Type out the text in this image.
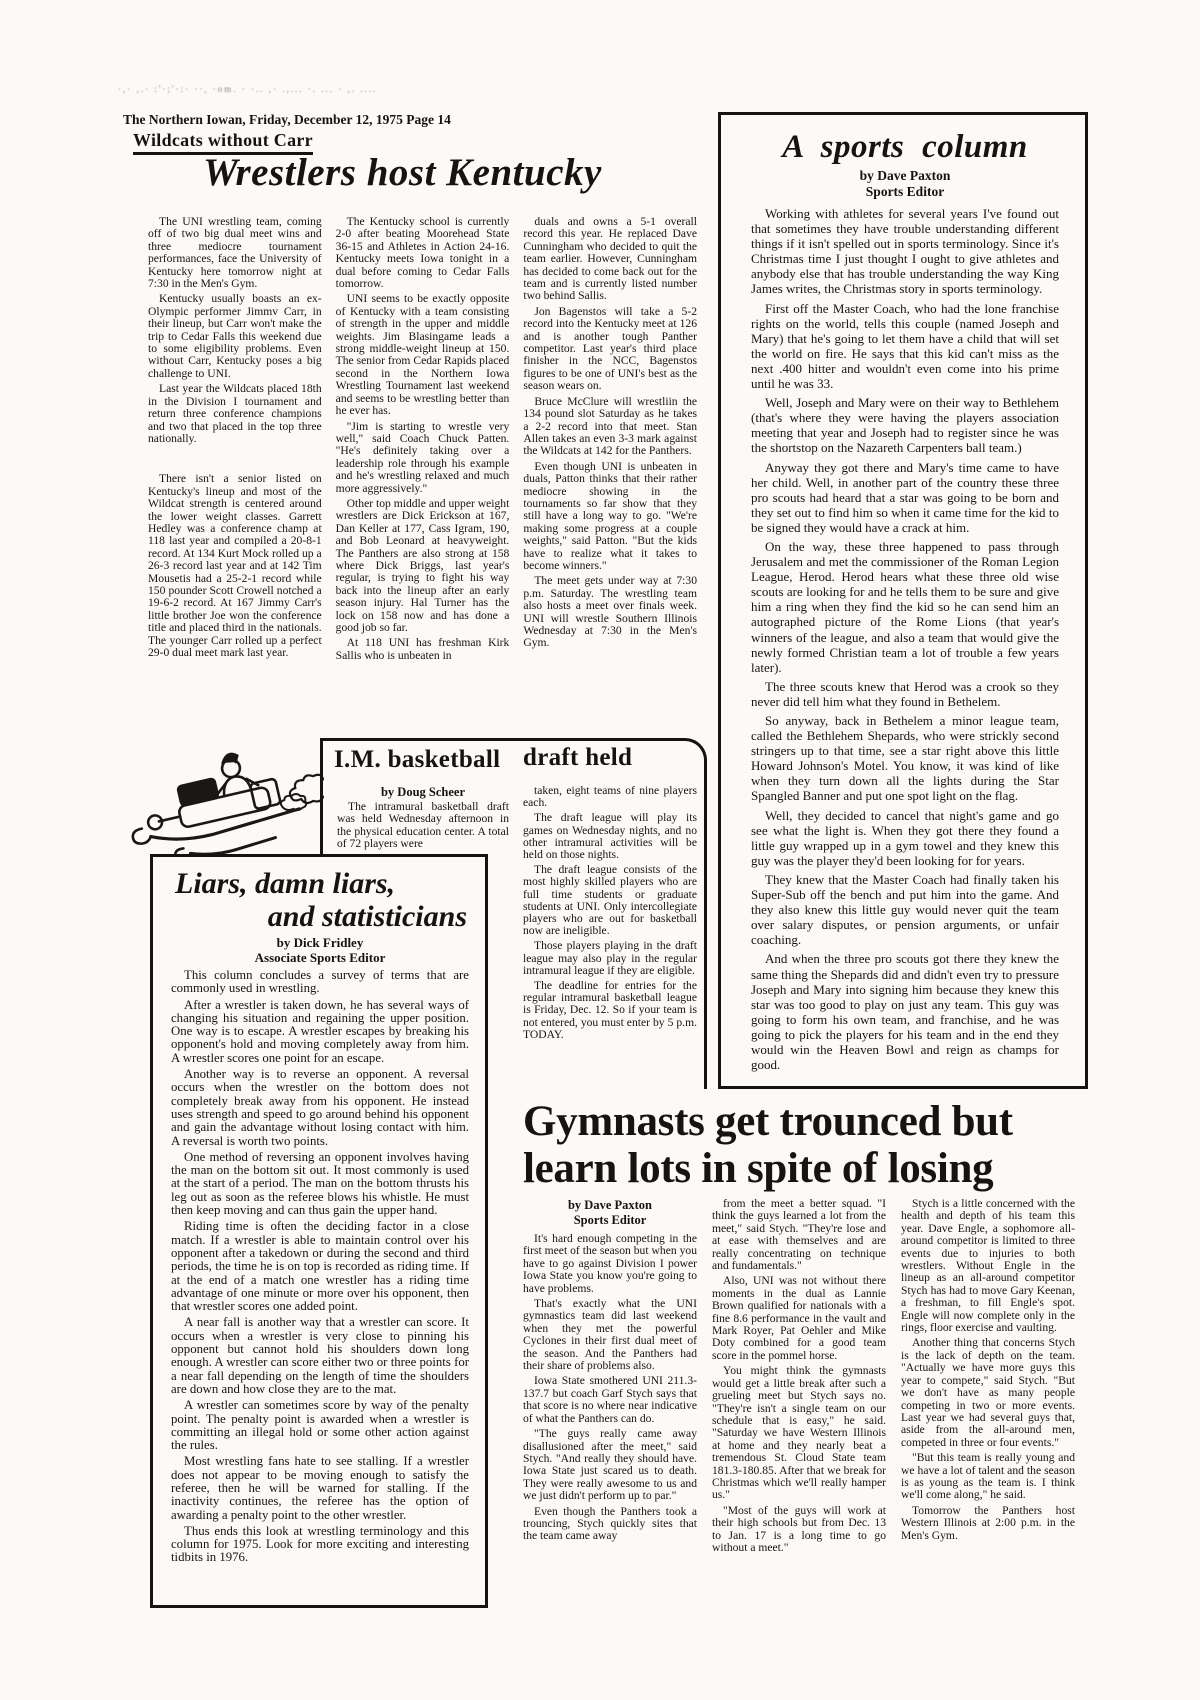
·,· ,.· :'·;'·:· ··, ·om. · ·.. ,· .,... ·. ... · ,. ....
The Northern Iowan, Friday, December 12, 1975 Page 14
Wildcats without Carr
Wrestlers host Kentucky

The UNI wrestling team, coming off of two big dual meet wins and three mediocre tournament performances, face the University of Kentucky here tomorrow night at 7:30 in the Men's Gym.

Kentucky usually boasts an ex-Olympic performer Jimmv Carr, in their lineup, but Carr won't make the trip to Cedar Falls this weekend due to some eligibility problems. Even without Carr, Kentucky poses a big challenge to UNI.

Last year the Wildcats placed 18th in the Division I tournament and return three conference champions and two that placed in the top three nationally.

There isn't a senior listed on Kentucky's lineup and most of the Wildcat strength is centered around the lower weight classes. Garrett Hedley was a conference champ at 118 last year and compiled a 20-8-1 record. At 134 Kurt Mock rolled up a 26-3 record last year and at 142 Tim Mousetis had a 25-2-1 record while 150 pounder Scott Crowell notched a 19-6-2 record. At 167 Jimmy Carr's little brother Joe won the conference title and placed third in the nationals. The younger Carr rolled up a perfect 29-0 dual meet mark last year.

The Kentucky school is currently 2-0 after beating Moorehead State 36-15 and Athletes in Action 24-16. Kentucky meets Iowa tonight in a dual before coming to Cedar Falls tomorrow.

UNI seems to be exactly opposite of Kentucky with a team consisting of strength in the upper and middle weights. Jim Blasingame leads a strong middle-weight lineup at 150. The senior from Cedar Rapids placed second in the Northern Iowa Wrestling Tournament last weekend and seems to be wrestling better than he ever has.

"Jim is starting to wrestle very well," said Coach Chuck Patten. "He's definitely taking over a leadership role through his example and he's wrestling relaxed and much more aggressively."

Other top middle and upper weight wrestlers are Dick Erickson at 167, Dan Keller at 177, Cass Igram, 190, and Bob Leonard at heavyweight. The Panthers are also strong at 158 where Dick Briggs, last year's regular, is trying to fight his way back into the lineup after an early season injury. Hal Turner has the lock on 158 now and has done a good job so far.

At 118 UNI has freshman Kirk Sallis who is unbeaten in

duals and owns a 5-1 overall record this year. He replaced Dave Cunningham who decided to quit the team earlier. However, Cunningham has decided to come back out for the team and is currently listed number two behind Sallis.

Jon Bagenstos will take a 5-2 record into the Kentucky meet at 126 and is another tough Panther competitor. Last year's third place finisher in the NCC, Bagenstos figures to be one of UNI's best as the season wears on.

Bruce McClure will wrestliin the 134 pound slot Saturday as he takes a 2-2 record into that meet. Stan Allen takes an even 3-3 mark against the Wildcats at 142 for the Panthers.

Even though UNI is unbeaten in duals, Patton thinks that their rather mediocre showing in the tournaments so far show that they still have a long way to go. "We're making some progress at a couple weights," said Patton. "But the kids have to realize what it takes to become winners."

The meet gets under way at 7:30 p.m. Saturday. The wrestling team also hosts a meet over finals week. UNI will wrestle Southern Illinois Wednesday at 7:30 in the Men's Gym.

A sports column
by Dave Paxton
Sports Editor

Working with athletes for several years I've found out that sometimes they have trouble understanding different things if it isn't spelled out in sports terminology. Since it's Christmas time I just thought I ought to give athletes and anybody else that has trouble understanding the way King James writes, the Christmas story in sports terminology.

First off the Master Coach, who had the lone franchise rights on the world, tells this couple (named Joseph and Mary) that he's going to let them have a child that will set the world on fire. He says that this kid can't miss as the next .400 hitter and wouldn't even come into his prime until he was 33.

Well, Joseph and Mary were on their way to Bethlehem (that's where they were having the players association meeting that year and Joseph had to register since he was the shortstop on the Nazareth Carpenters ball team.)

Anyway they got there and Mary's time came to have her child. Well, in another part of the country these three pro scouts had heard that a star was going to be born and they set out to find him so when it came time for the kid to be signed they would have a crack at him.

On the way, these three happened to pass through Jerusalem and met the commissioner of the Roman Legion League, Herod. Herod hears what these three old wise scouts are looking for and he tells them to be sure and give him a ring when they find the kid so he can send him an autographed picture of the Rome Lions (that year's winners of the league, and also a team that would give the newly formed Christian team a lot of trouble a few years later).

The three scouts knew that Herod was a crook so they never did tell him what they found in Bethelem.

So anyway, back in Bethelem a minor league team, called the Bethlehem Shepards, who were strickly second stringers up to that time, see a star right above this little Howard Johnson's Motel. You know, it was kind of like when they turn down all the lights during the Star Spangled Banner and put one spot light on the flag.

Well, they decided to cancel that night's game and go see what the light is. When they got there they found a little guy wrapped up in a gym towel and they knew this guy was the player they'd been looking for for years.

They knew that the Master Coach had finally taken his Super-Sub off the bench and put him into the game. And they also knew this little guy would never quit the team over salary disputes, or pension arguments, or unfair coaching.

And when the three pro scouts got there they knew the same thing the Shepards did and didn't even try to pressure Joseph and Mary into signing him because they knew this star was too good to play on just any team. This guy was going to form his own team, and franchise, and he was going to pick the players for his team and in the end they would win the Heaven Bowl and reign as champs for good.

I.M. basketball draft held
by Doug Scheer

The intramural basketball draft was held Wednesday afternoon in the physical education center. A total of 72 players were

taken, eight teams of nine players each.

The draft league will play its games on Wednesday nights, and no other intramural activities will be held on those nights.

The draft league consists of the most highly skilled players who are full time students or graduate students at UNI. Only intercollegiate players who are out for basketball now are ineligible.

Those players playing in the draft league may also play in the regular intramural league if they are eligible.

The deadline for entries for the regular intramural basketball league is Friday, Dec. 12. So if your team is not entered, you must enter by 5 p.m. TODAY.

Liars, damn liars,
and statisticians
by Dick Fridley
Associate Sports Editor

This column concludes a survey of terms that are commonly used in wrestling.

After a wrestler is taken down, he has several ways of changing his situation and regaining the upper position. One way is to escape. A wrestler escapes by breaking his opponent's hold and moving completely away from him. A wrestler scores one point for an escape.

Another way is to reverse an opponent. A reversal occurs when the wrestler on the bottom does not completely break away from his opponent. He instead uses strength and speed to go around behind his opponent and gain the advantage without losing contact with him. A reversal is worth two points.

One method of reversing an opponent involves having the man on the bottom sit out. It most commonly is used at the start of a period. The man on the bottom thrusts his leg out as soon as the referee blows his whistle. He must then keep moving and can thus gain the upper hand.

Riding time is often the deciding factor in a close match. If a wrestler is able to maintain control over his opponent after a takedown or during the second and third periods, the time he is on top is recorded as riding time. If at the end of a match one wrestler has a riding time advantage of one minute or more over his opponent, then that wrestler scores one added point.

A near fall is another way that a wrestler can score. It occurs when a wrestler is very close to pinning his opponent but cannot hold his shoulders down long enough. A wrestler can score either two or three points for a near fall depending on the length of time the shoulders are down and how close they are to the mat.

A wrestler can sometimes score by way of the penalty point. The penalty point is awarded when a wrestler is committing an illegal hold or some other action against the rules.

Most wrestling fans hate to see stalling. If a wrestler does not appear to be moving enough to satisfy the referee, then he will be warned for stalling. If the inactivity continues, the referee has the option of awarding a penalty point to the other wrestler.

Thus ends this look at wrestling terminology and this column for 1975. Look for more exciting and interesting tidbits in 1976.

Gymnasts get trounced but
learn lots in spite of losing
by Dave Paxton
Sports Editor

It's hard enough competing in the first meet of the season but when you have to go against Division I power Iowa State you know you're going to have problems.

That's exactly what the UNI gymnastics team did last weekend when they met the powerful Cyclones in their first dual meet of the season. And the Panthers had their share of problems also.

Iowa State smothered UNI 211.3-137.7 but coach Garf Stych says that that score is no where near indicative of what the Panthers can do.

"The guys really came away disallusioned after the meet," said Stych. "And really they should have. Iowa State just scared us to death. They were really awesome to us and we just didn't perform up to par."

Even though the Panthers took a trouncing, Stych quickly sites that the team came away

from the meet a better squad. "I think the guys learned a lot from the meet," said Stych. "They're lose and at ease with themselves and are really concentrating on technique and fundamentals."

Also, UNI was not without there moments in the dual as Lannie Brown qualified for nationals with a fine 8.6 performance in the vault and Mark Royer, Pat Oehler and Mike Doty combined for a good team score in the pommel horse.

You might think the gymnasts would get a little break after such a grueling meet but Stych says no. "They're isn't a single team on our schedule that is easy," he said. "Saturday we have Western Illinois at home and they nearly beat a tremendous St. Cloud State team 181.3-180.85. After that we break for Christmas which we'll really hamper us."

"Most of the guys will work at their high schools but from Dec. 13 to Jan. 17 is a long time to go without a meet."

Stych is a little concerned with the health and depth of his team this year. Dave Engle, a sophomore all-around competitor is limited to three events due to injuries to both wrestlers. Without Engle in the lineup as an all-around competitor Stych has had to move Gary Keenan, a freshman, to fill Engle's spot. Engle will now complete only in the rings, floor exercise and vaulting.

Another thing that concerns Stych is the lack of depth on the team. "Actually we have more guys this year to compete," said Stych. "But we don't have as many people competing in two or more events. Last year we had several guys that, aside from the all-around men, competed in three or four events."

"But this team is really young and we have a lot of talent and the season is as young as the team is. I think we'll come along," he said.

Tomorrow the Panthers host Western Illinois at 2:00 p.m. in the Men's Gym.
